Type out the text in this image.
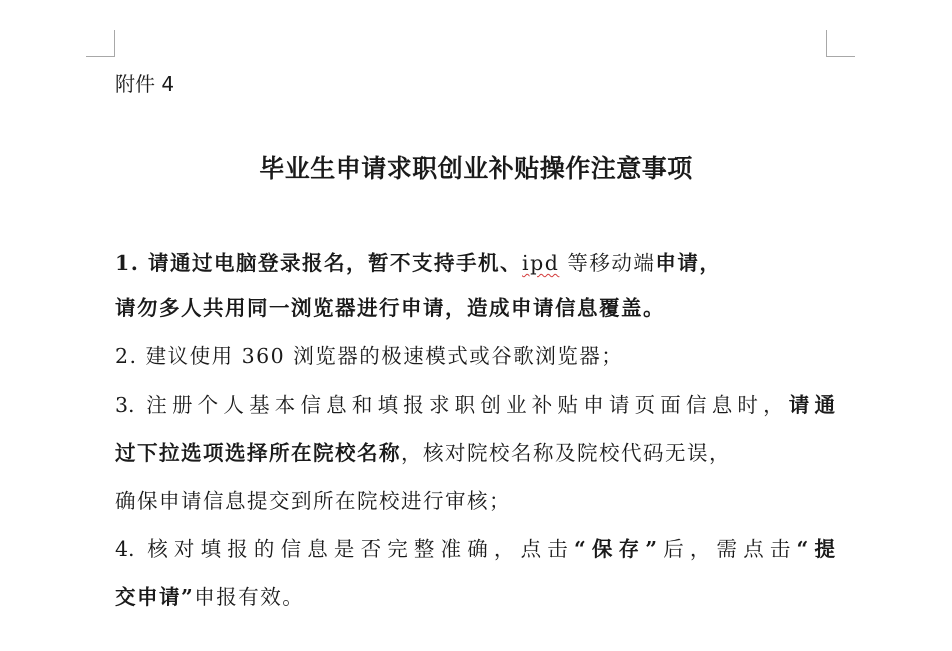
附件 4
毕业生申请求职创业补贴操作注意事项
1. 请通过电脑登录报名，暂不支持手机、ipd 等移动端申请，
请勿多人共用同一浏览器进行申请，造成申请信息覆盖。
2. 建议使用 360 浏览器的极速模式或谷歌浏览器；
3. 注册个人基本信息和填报求职创业补贴申请页面信息时，请通
过下拉选项选择所在院校名称，核对院校名称及院校代码无误，
确保申请信息提交到所在院校进行审核；
4. 核对填报的信息是否完整准确，点击“保存”后，需点击“提
交申请”申报有效。
